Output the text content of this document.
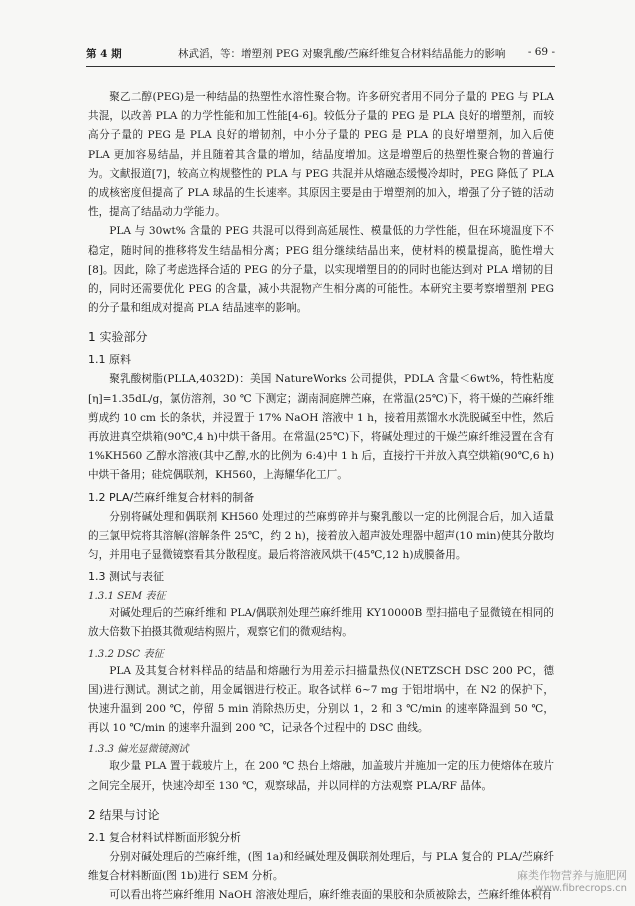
第 4 期	林武滔，等：增塑剂 PEG 对聚乳酸/苎麻纤维复合材料结晶能力的影响 - 69 -

聚乙二醇(PEG)是一种结晶的热塑性水溶性聚合物。许多研究者用不同分子量的 PEG 与 PLA 共混，以改善 PLA 的力学性能和加工性能[4-6]。较低分子量的 PEG 是 PLA 良好的增塑剂，而较高分子量的 PEG 是 PLA 良好的增韧剂，中小分子量的 PEG 是 PLA 的良好增塑剂，加入后使 PLA 更加容易结晶，并且随着其含量的增加，结晶度增加。这是增塑后的热塑性聚合物的普遍行为。文献报道[7]，较高立构规整性的 PLA 与 PEG 共混并从熔融态缓慢冷却时，PEG 降低了 PLA 的成核密度但提高了 PLA 球晶的生长速率。其原因主要是由于增塑剂的加入，增强了分子链的活动性，提高了结晶动力学能力。

PLA 与 30wt% 含量的 PEG 共混可以得到高延展性、模量低的力学性能，但在环境温度下不稳定，随时间的推移将发生结晶相分离；PEG 组分继续结晶出来，使材料的模量提高，脆性增大[8]。因此，除了考虑选择合适的 PEG 的分子量，以实现增塑目的的同时也能达到对 PLA 增韧的目的，同时还需要优化 PEG 的含量，减小共混物产生相分离的可能性。本研究主要考察增塑剂 PEG 的分子量和组成对提高 PLA 结晶速率的影响。

1 实验部分
1.1 原料

聚乳酸树脂(PLLA,4032D)：美国 NatureWorks 公司提供，PDLA 含量＜6wt%，特性粘度 [η]=1.35dL/g，氯仿溶剂，30 ℃ 下测定；湖南洞庭牌苎麻，在常温(25℃)下，将干燥的苎麻纤维剪成约 10 cm 长的条状，并浸置于 17% NaOH 溶液中 1 h，接着用蒸馏水水洗脱碱至中性，然后再放进真空烘箱(90℃,4 h)中烘干备用。在常温(25℃)下，将碱处理过的干燥苎麻纤维浸置在含有 1%KH560 乙醇水溶液(其中乙醇,水的比例为 6:4)中 1 h 后，直接拧干并放入真空烘箱(90℃,6 h)中烘干备用；硅烷偶联剂，KH560，上海耀华化工厂。

1.2 PLA/苎麻纤维复合材料的制备

分别将碱处理和偶联剂 KH560 处理过的苎麻剪碎并与聚乳酸以一定的比例混合后，加入适量的三氯甲烷将其溶解(溶解条件 25℃，约 2 h)，接着放入超声波处理器中超声(10 min)使其分散均匀，并用电子显微镜察看其分散程度。最后将溶液风烘干(45℃,12 h)成膜备用。

1.3 测试与表征
1.3.1 SEM 表征

对碱处理后的苎麻纤维和 PLA/偶联剂处理苎麻纤维用 KY10000B 型扫描电子显微镜在相同的放大倍数下拍摄其微观结构照片，观察它们的微观结构。

1.3.2 DSC 表征

PLA 及其复合材料样品的结晶和熔融行为用差示扫描量热仪(NETZSCH DSC 200 PC，德国)进行测试。测试之前，用金属铟进行校正。取各试样 6~7 mg 于铝坩埚中，在 N2 的保护下，快速升温到 200 ℃，停留 5 min 消除热历史，分别以 1，2 和 3 ℃/min 的速率降温到 50 ℃，再以 10 ℃/min 的速率升温到 200 ℃，记录各个过程中的 DSC 曲线。

1.3.3 偏光显微镜测试

取少量 PLA 置于载玻片上，在 200 ℃ 热台上熔融，加盖玻片并施加一定的压力使熔体在玻片之间完全展开，快速冷却至 130 ℃，观察球晶，并以同样的方法观察 PLA/RF 晶体。

2 结果与讨论
2.1 复合材料试样断面形貌分析

分别对碱处理后的苎麻纤维，(图 1a)和经碱处理及偶联剂处理后，与 PLA 复合的 PLA/苎麻纤维复合材料断面(图 1b)进行 SEM 分析。

可以看出将苎麻纤维用 NaOH 溶液处理后，麻纤维表面的果胶和杂质被除去，苎麻纤维体积有

麻类作物营养与施肥网
www.fibrecrops.cn
